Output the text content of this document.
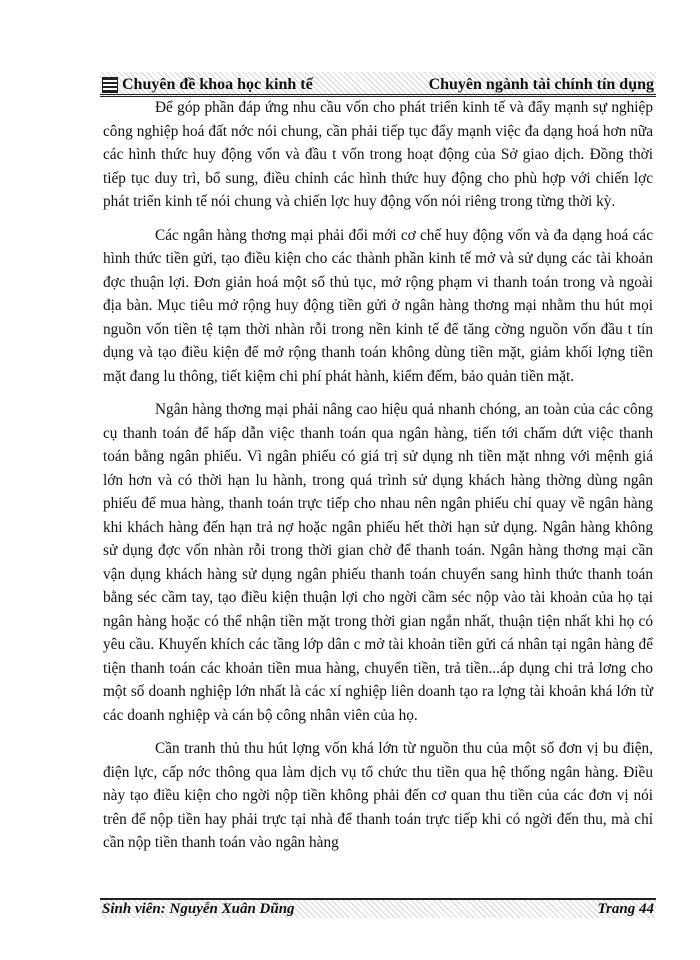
Chuyên đề khoa học kinh tế	Chuyên ngành tài chính tín dụng

Để góp phần đáp ứng nhu cầu vốn cho phát triển kinh tế và đẩy mạnh sự nghiệp công nghiệp hoá đất nớc nói chung, cần phải tiếp tục đẩy mạnh việc đa dạng hoá hơn nữa các hình thức huy động vốn và đầu t vốn trong hoạt động của Sở giao dịch. Đồng thời tiếp tục duy trì, bổ sung, điều chỉnh các hình thức huy động cho phù hợp với chiến lợc phát triển kinh tế nói chung và chiến lợc huy động vốn nói riêng trong từng thời kỳ.

Các ngân hàng thơng mại phải đổi mới cơ chế huy động vốn và đa dạng hoá các hình thức tiền gửi, tạo điều kiện cho các thành phần kinh tế mở và sử dụng các tài khoản đợc thuận lợi. Đơn giản hoá một số thủ tục, mở rộng phạm vi thanh toán trong và ngoài địa bàn. Mục tiêu mở rộng huy động tiền gửi ở ngân hàng thơng mại nhằm thu hút mọi nguồn vốn tiền tệ tạm thời nhàn rỗi trong nền kinh tế để tăng cờng nguồn vốn đầu t tín dụng và tạo điều kiện để mở rộng thanh toán không dùng tiền mặt, giảm khối lợng tiền mặt đang lu thông, tiết kiệm chi phí phát hành, kiểm đếm, bảo quản tiền mặt.

Ngân hàng thơng mại phải nâng cao hiệu quả nhanh chóng, an toàn của các công cụ thanh toán để hấp dẫn việc thanh toán qua ngân hàng, tiến tới chấm dứt việc thanh toán bằng ngân phiếu. Vì ngân phiếu có giá trị sử dụng nh tiền mặt nhng với mệnh giá lớn hơn và có thời hạn lu hành, trong quá trình sử dụng khách hàng thờng dùng ngân phiếu để mua hàng, thanh toán trực tiếp cho nhau nên ngân phiếu chỉ quay về ngân hàng khi khách hàng đến hạn trả nợ hoặc ngân phiếu hết thời hạn sử dụng. Ngân hàng không sử dụng đợc vốn nhàn rỗi trong thời gian chờ để thanh toán. Ngân hàng thơng mại cần vận dụng khách hàng sử dụng ngân phiếu thanh toán chuyển sang hình thức thanh toán bằng séc cầm tay, tạo điều kiện thuận lợi cho ngời cầm séc nộp vào tài khoản của họ tại ngân hàng hoặc có thể nhận tiền mặt trong thời gian ngắn nhất, thuận tiện nhất khi họ có yêu cầu. Khuyến khích các tầng lớp dân c mở tài khoản tiền gửi cá nhân tại ngân hàng để tiện thanh toán các khoản tiền mua hàng, chuyển tiền, trả tiền...áp dụng chi trả lơng cho một số doanh nghiệp lớn nhất là các xí nghiệp liên doanh tạo ra lợng tài khoản khá lớn từ các doanh nghiệp và cán bộ công nhân viên của họ.

Cần tranh thủ thu hút lợng vốn khá lớn từ nguồn thu của một số đơn vị bu điện, điện lực, cấp nớc thông qua làm dịch vụ tổ chức thu tiền qua hệ thống ngân hàng. Điều này tạo điều kiện cho ngời nộp tiền không phải đến cơ quan thu tiền của các đơn vị nói trên để nộp tiền hay phải trực tại nhà để thanh toán trực tiếp khi có ngời đến thu, mà chỉ cần nộp tiền thanh toán vào ngân hàng

Sinh viên: Nguyễn Xuân Dũng	Trang 44
